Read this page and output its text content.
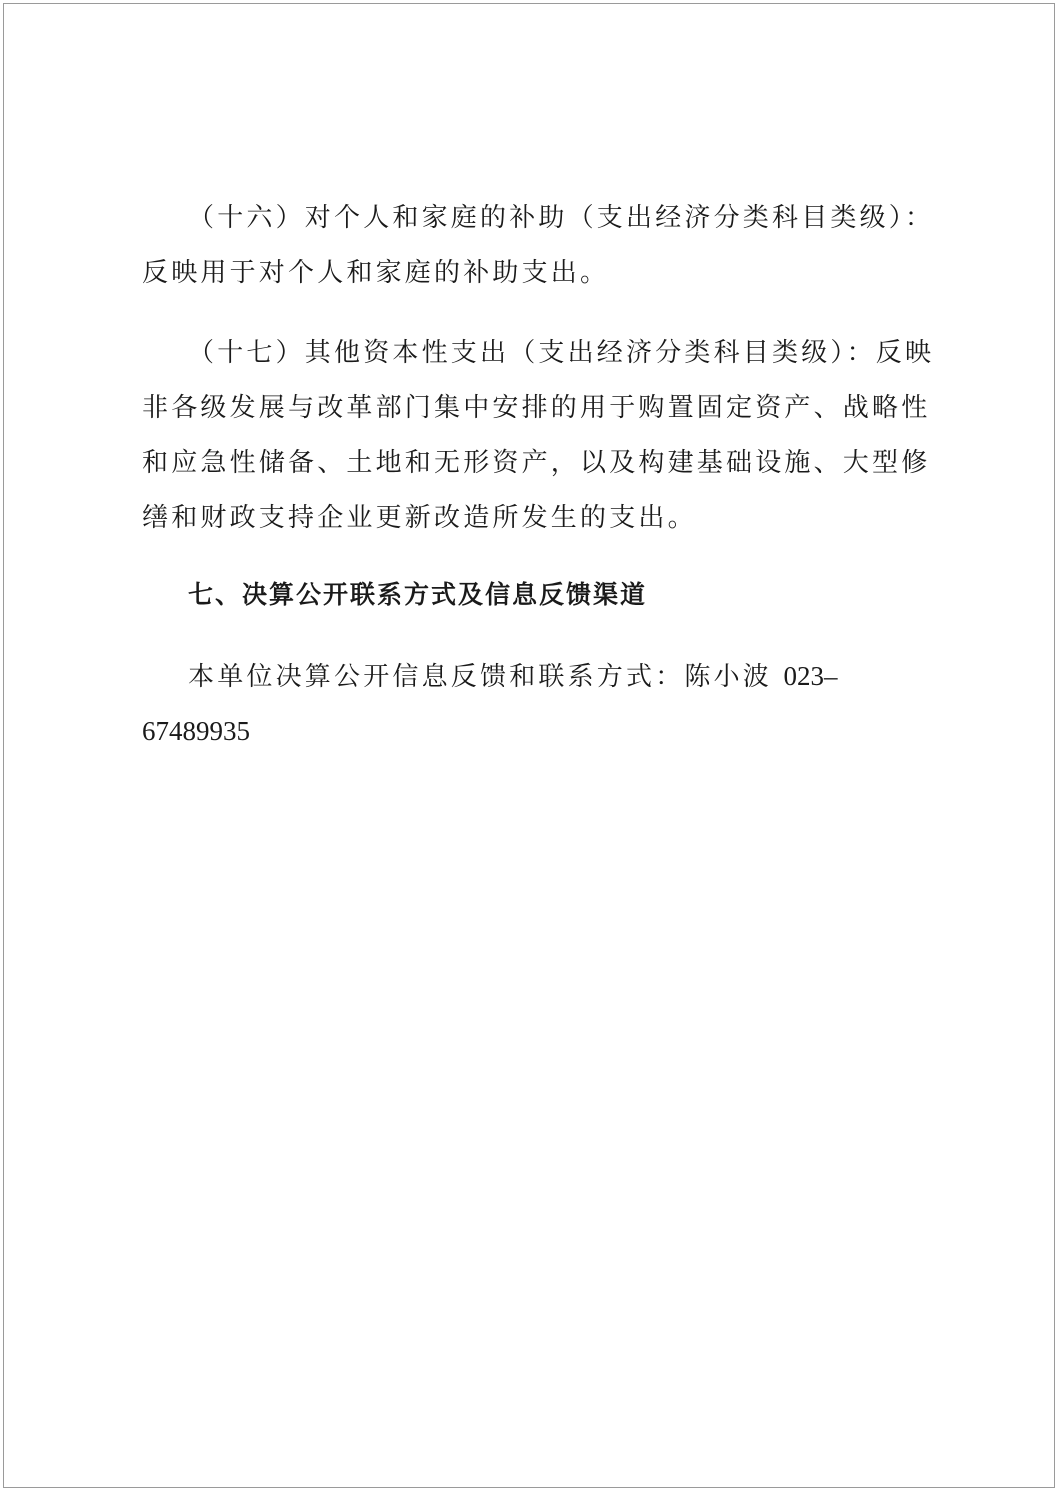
（十六）对个人和家庭的补助（支出经济分类科目类级）：
反映用于对个人和家庭的补助支出。
（十七）其他资本性支出（支出经济分类科目类级）：反映
非各级发展与改革部门集中安排的用于购置固定资产、战略性
和应急性储备、土地和无形资产，以及构建基础设施、大型修
缮和财政支持企业更新改造所发生的支出。
七、决算公开联系方式及信息反馈渠道
本单位决算公开信息反馈和联系方式：陈小波 023–
67489935
